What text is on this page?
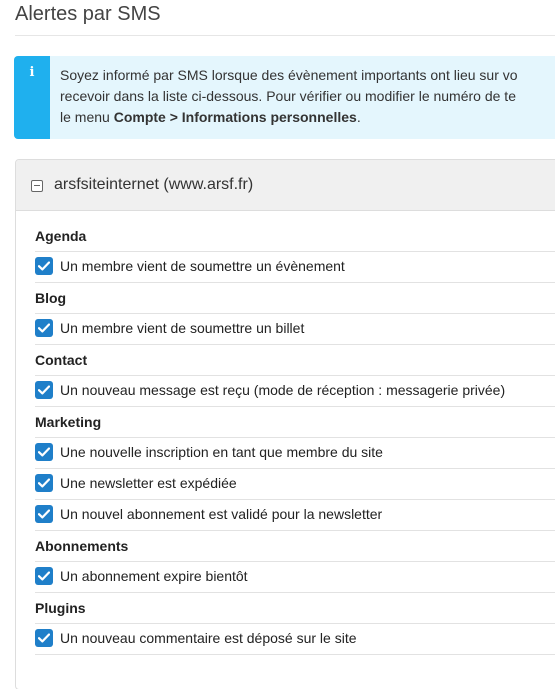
Alertes par SMS
i	Soyez informé par SMS lorsque des évènement importants ont lieu sur vo
recevoir dans la liste ci-dessous. Pour vérifier ou modifier le numéro de te
le menu Compte > Informations personnelles.
arsfsiteinternet (www.arsf.fr)
Agenda
Un membre vient de soumettre un évènement
Blog
Un membre vient de soumettre un billet
Contact
Un nouveau message est reçu (mode de réception : messagerie privée)
Marketing
Une nouvelle inscription en tant que membre du site
Une newsletter est expédiée
Un nouvel abonnement est validé pour la newsletter
Abonnements
Un abonnement expire bientôt
Plugins
Un nouveau commentaire est déposé sur le site
